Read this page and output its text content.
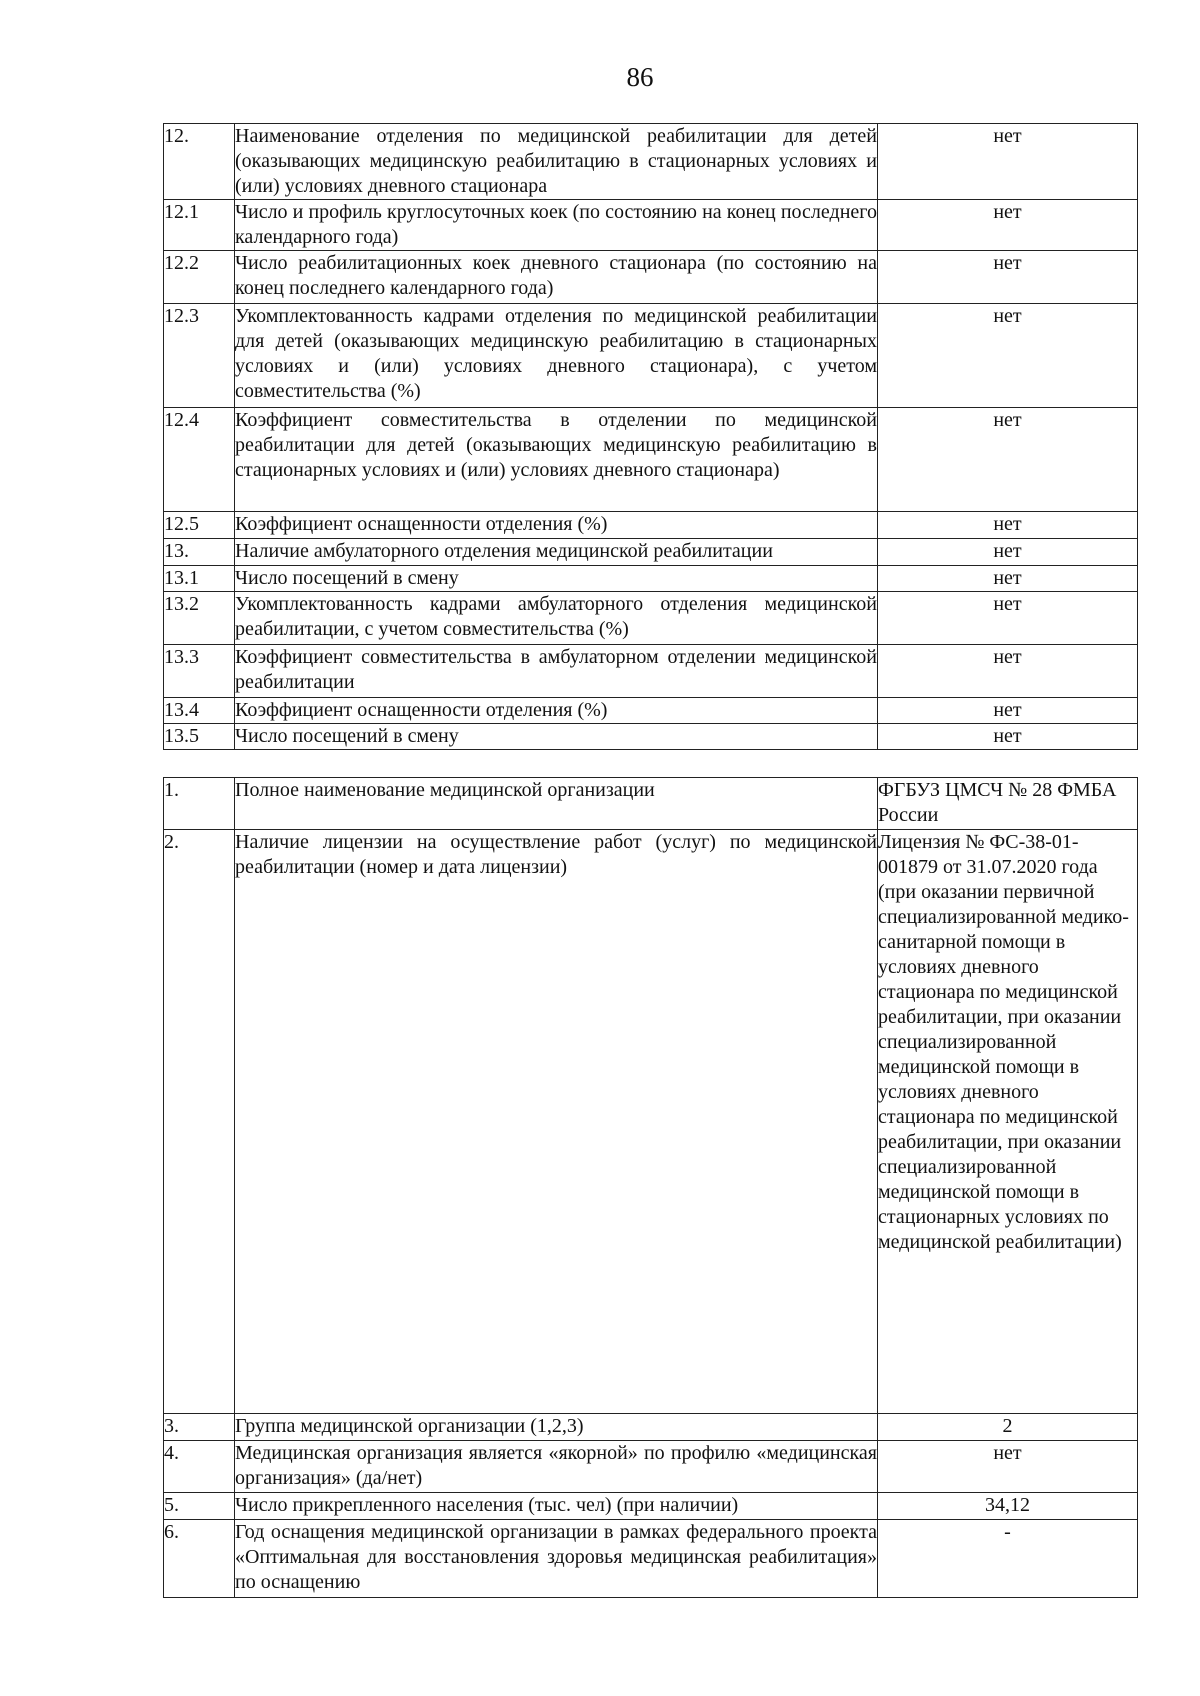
86
12.	Наименование отделения по медицинской реабилитации для детей (оказывающих медицинскую реабилитацию в стационарных условиях и (или) условиях дневного стационара	нет
12.1	Число и профиль круглосуточных коек (по состоянию на конец последнего календарного года)	нет
12.2	Число реабилитационных коек дневного стационара (по состоянию на конец последнего календарного года)	нет
12.3	Укомплектованность кадрами отделения по медицинской реабилитации для детей (оказывающих медицинскую реабилитацию в стационарных условиях и (или) условиях дневного стационара), с учетом совместительства (%)	нет
12.4	Коэффициент совместительства в отделении по медицинской реабилитации для детей (оказывающих медицинскую реабилитацию в стационарных условиях и (или) условиях дневного стационара)	нет
12.5	Коэффициент оснащенности отделения (%)	нет
13.	Наличие амбулаторного отделения медицинской реабилитации	нет
13.1	Число посещений в смену	нет
13.2	Укомплектованность кадрами амбулаторного отделения медицинской реабилитации, с учетом совместительства (%)	нет
13.3	Коэффициент совместительства в амбулаторном отделении медицинской реабилитации	нет
13.4	Коэффициент оснащенности отделения (%)	нет
13.5	Число посещений в смену	нет
1.	Полное наименование медицинской организации	ФГБУЗ ЦМСЧ № 28 ФМБА России
2.	Наличие лицензии на осуществление работ (услуг) по медицинской реабилитации (номер и дата лицензии)	Лицензия № ФС-38-01-001879 от 31.07.2020 года (при оказании первичной специализированной медико-санитарной помощи в условиях дневного стационара по медицинской реабилитации, при оказании специализированной медицинской помощи в условиях дневного стационара по медицинской реабилитации, при оказании специализированной медицинской помощи в стационарных условиях по медицинской реабилитации)
3.	Группа медицинской организации (1,2,3)	2
4.	Медицинская организация является «якорной» по профилю «медицинская организация» (да/нет)	нет
5.	Число прикрепленного населения (тыс. чел) (при наличии)	34,12
6.	Год оснащения медицинской организации в рамках федерального проекта «Оптимальная для восстановления здоровья медицинская реабилитация» по оснащению	-
